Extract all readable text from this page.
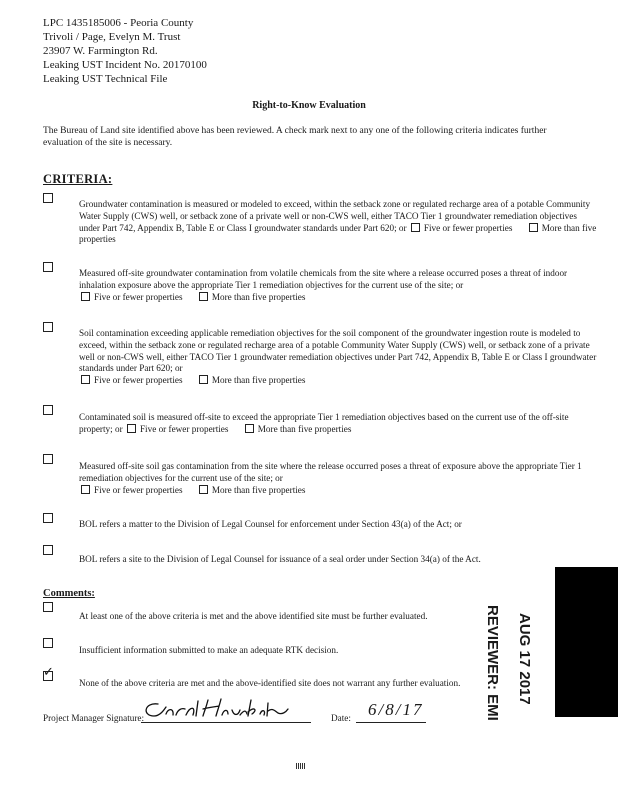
LPC 1435185006 - Peoria County
Trivoli / Page, Evelyn M. Trust
23907 W. Farmington Rd.
Leaking UST Incident No. 20170100
Leaking UST Technical File
Right-to-Know Evaluation
The Bureau of Land site identified above has been reviewed. A check mark next to any one of the following criteria indicates further evaluation of the site is necessary.
CRITERIA:
Groundwater contamination is measured or modeled to exceed, within the setback zone or regulated recharge area of a potable Community Water Supply (CWS) well, or setback zone of a private well or non-CWS well, either TACO Tier 1 groundwater remediation objectives under Part 742, Appendix B, Table E or Class I groundwater standards under Part 620; or Five or fewer properties	More than five properties
Measured off-site groundwater contamination from volatile chemicals from the site where a release occurred poses a threat of indoor inhalation exposure above the appropriate Tier 1 remediation objectives for the current use of the site; or
Five or fewer properties	More than five properties
Soil contamination exceeding applicable remediation objectives for the soil component of the groundwater ingestion route is modeled to exceed, within the setback zone or regulated recharge area of a potable Community Water Supply (CWS) well, or setback zone of a private well or non-CWS well, either TACO Tier 1 groundwater remediation objectives under Part 742, Appendix B, Table E or Class I groundwater standards under Part 620; or
Five or fewer properties	More than five properties
Contaminated soil is measured off-site to exceed the appropriate Tier 1 remediation objectives based on the current use of the off-site property; or Five or fewer properties	More than five properties
Measured off-site soil gas contamination from the site where the release occurred poses a threat of exposure above the appropriate Tier 1 remediation objectives for the current use of the site; or
Five or fewer properties	More than five properties
BOL refers a matter to the Division of Legal Counsel for enforcement under Section 43(a) of the Act; or
BOL refers a site to the Division of Legal Counsel for issuance of a seal order under Section 34(a) of the Act.
Comments:
At least one of the above criteria is met and the above identified site must be further evaluated.
Insufficient information submitted to make an adequate RTK decision.
✓
None of the above criteria are met and the above-identified site does not warrant any further evaluation.
Project Manager Signature:	Date: 6/8/17
AUG 17 2017
REVIEWER: EMI
